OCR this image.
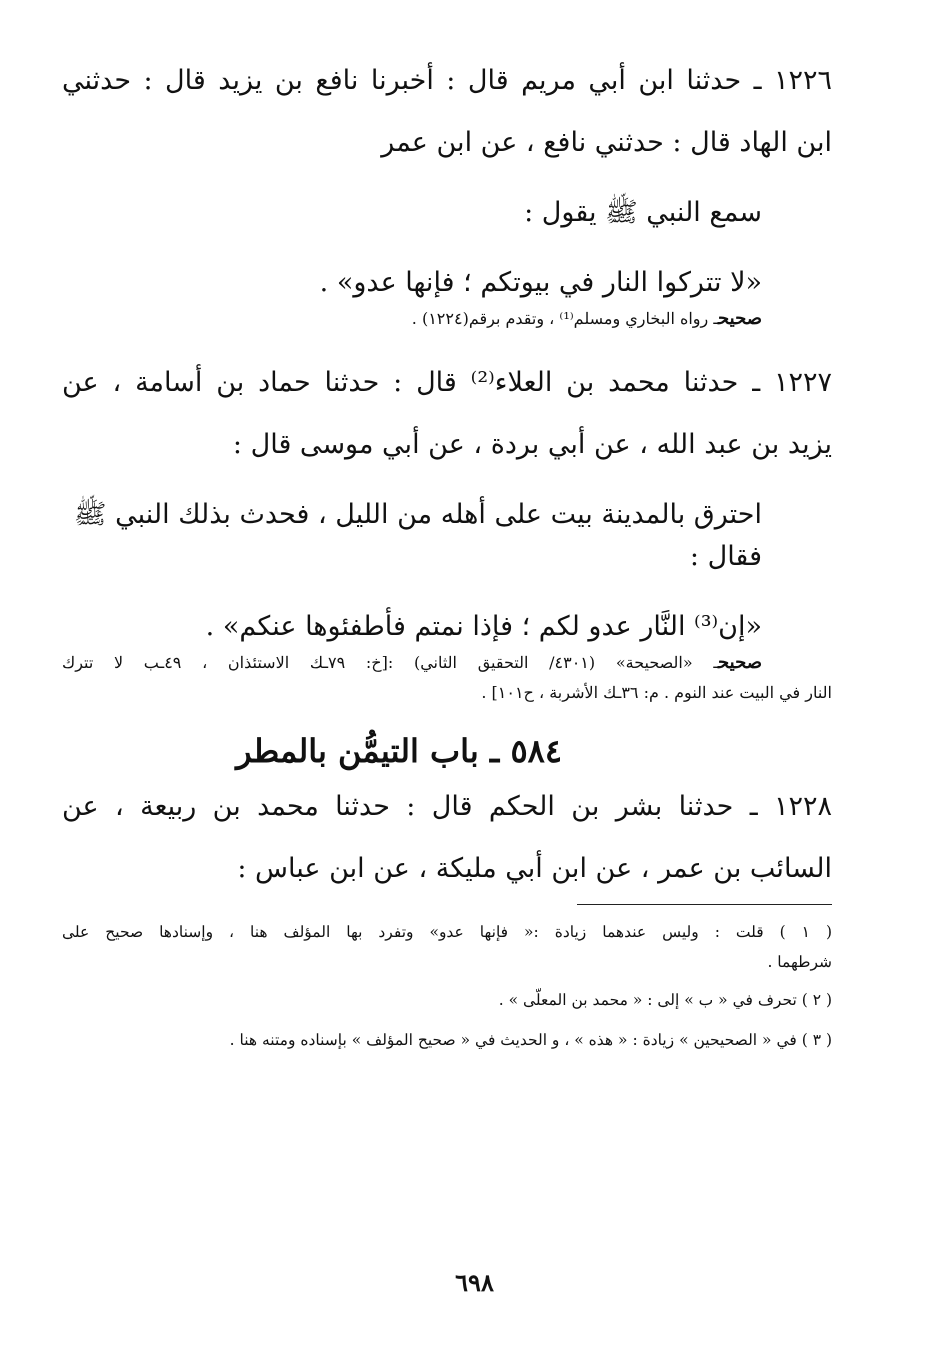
١٢٢٦ ـ حدثنا ابن أبي مريم قال : أخبرنا نافع بن يزيد قال : حدثني

ابن الهاد قال : حدثني نافع ، عن ابن عمر

سمع النبي ﷺ يقول :

«لا تتركوا النار في بيوتكم ؛ فإنها عدو» .

صحيحـ رواه البخاري ومسلم⁽¹⁾ ، وتقدم برقم(١٢٢٤) .

١٢٢٧ ـ حدثنا محمد بن العلاء⁽²⁾ قال : حدثنا حماد بن أسامة ، عن

يزيد بن عبد الله ، عن أبي بردة ، عن أبي موسى قال :

احترق بالمدينة بيت على أهله من الليل ، فحدث بذلك النبي ﷺ فقال :

«إن⁽³⁾ النَّار عدو لكم ؛ فإذا نمتم فأطفئوها عنكم» .

صحيحـ «الصحيحة» (٤٣٠١/ التحقيق الثاني) :[خ: ٧٩ـك الاستئذان ، ٤٩ـب لا تترك

النار في البيت عند النوم . م: ٣٦ـك الأشربة ، ح١٠١] .

٥٨٤ ـ باب التيمُّن بالمطر

١٢٢٨ ـ حدثنا بشر بن الحكم قال : حدثنا محمد بن ربيعة ، عن

السائب بن عمر ، عن ابن أبي مليكة ، عن ابن عباس :

( ١ ) قلت : وليس عندهما زيادة :« فإنها عدو» وتفرد بها المؤلف هنا ، وإسنادها صحيح على

شرطهما .

( ٢ ) تحرف في « ب » إلى : « محمد بن المعلّى » .

( ٣ ) في « الصحيحين » زيادة : « هذه » ، و الحديث في « صحيح المؤلف » بإسناده ومتنه هنا .

٦٩٨
